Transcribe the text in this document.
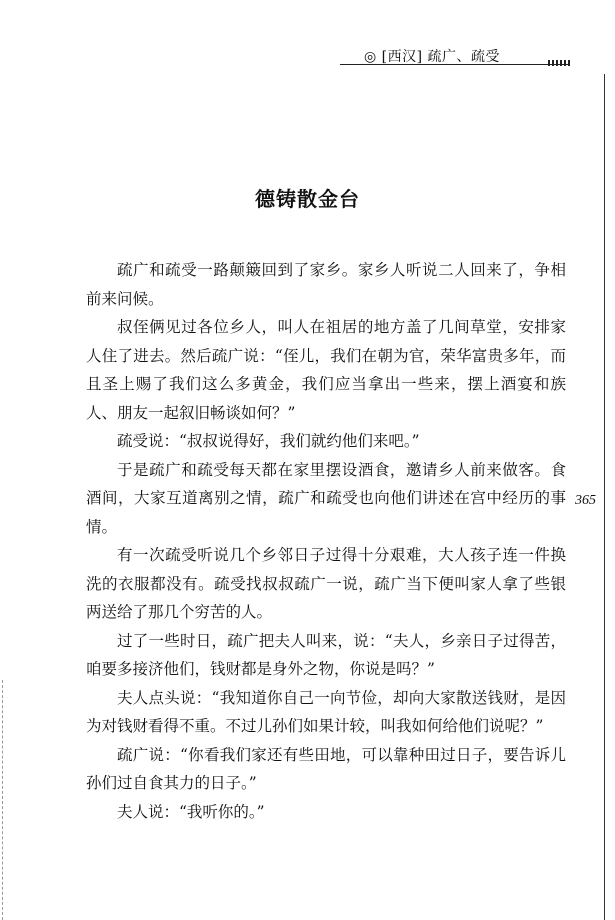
◎ [西汉] 疏广、疏受
365
德铸散金台

疏广和疏受一路颠簸回到了家乡。家乡人听说二人回来了，争相前来问候。

叔侄俩见过各位乡人，叫人在祖居的地方盖了几间草堂，安排家人住了进去。然后疏广说：“侄儿，我们在朝为官，荣华富贵多年，而且圣上赐了我们这么多黄金，我们应当拿出一些来，摆上酒宴和族人、朋友一起叙旧畅谈如何？”

疏受说：“叔叔说得好，我们就约他们来吧。”

于是疏广和疏受每天都在家里摆设酒食，邀请乡人前来做客。食酒间，大家互道离别之情，疏广和疏受也向他们讲述在宫中经历的事情。

有一次疏受听说几个乡邻日子过得十分艰难，大人孩子连一件换洗的衣服都没有。疏受找叔叔疏广一说，疏广当下便叫家人拿了些银两送给了那几个穷苦的人。

过了一些时日，疏广把夫人叫来，说：“夫人，乡亲日子过得苦，咱要多接济他们，钱财都是身外之物，你说是吗？”

夫人点头说：“我知道你自己一向节俭，却向大家散送钱财，是因为对钱财看得不重。不过儿孙们如果计较，叫我如何给他们说呢？”

疏广说：“你看我们家还有些田地，可以靠种田过日子，要告诉儿孙们过自食其力的日子。”

夫人说：“我听你的。”
